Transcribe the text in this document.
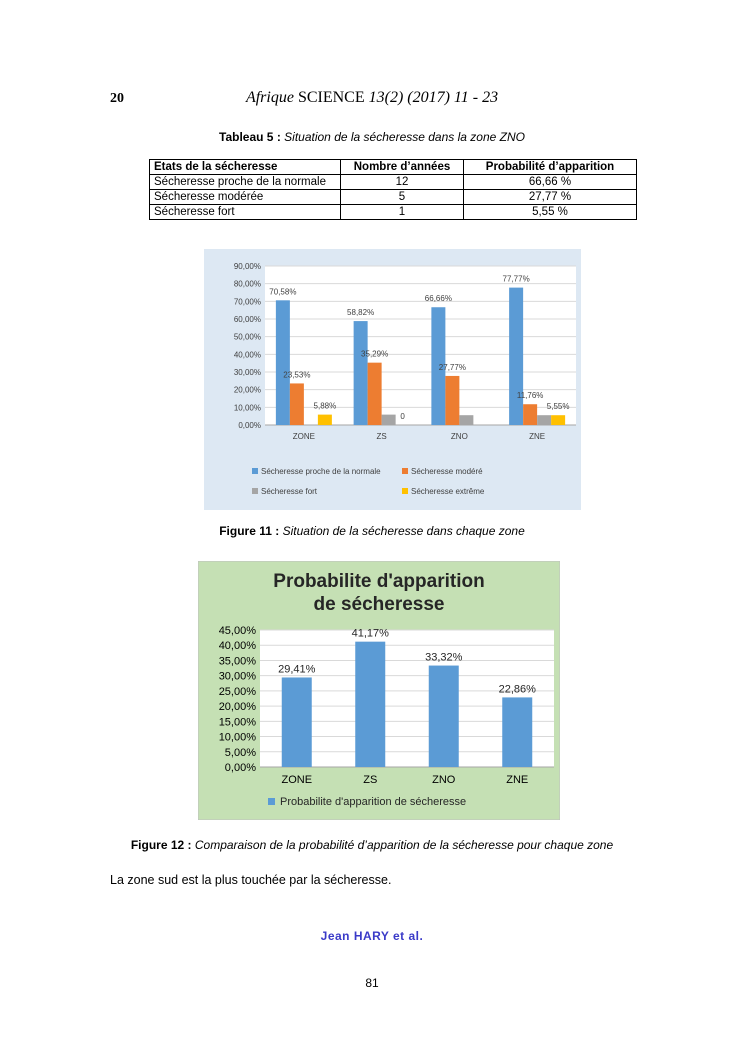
20	Afrique SCIENCE 13(2) (2017) 11 - 23
Tableau 5 : Situation de la sécheresse dans la zone ZNO
Etats de la sécheresse	Nombre d’années	Probabilité d’apparition
Sécheresse proche de la normale	12	66,66 %
Sécheresse modérée	5	27,77 %
Sécheresse fort	1	5,55 %
0,00%
10,00%
20,00%
30,00%
40,00%
50,00%
60,00%
70,00%
80,00%
90,00%
ZONE
70,58%
23,53%
5,88%
ZS
58,82%
35,29%
0
ZNO
66,66%
27,77%
ZNE
77,77%
11,76%
5,55%
Sécheresse proche de la normale	Sécheresse modéré
Sécheresse fort	Sécheresse extrême
Figure 11 : Situation de la sécheresse dans chaque zone
Probabilite d'apparition
de sécheresse
0,00%
5,00%
10,00%
15,00%
20,00%
25,00%
30,00%
35,00%
40,00%
45,00%
29,41%
ZONE
41,17%
ZS
33,32%
ZNO
22,86%
ZNE
Probabilite d'apparition de sécheresse
Figure 12 : Comparaison de la probabilité d’apparition de la sécheresse pour chaque zone
La zone sud est la plus touchée par la sécheresse.
Jean HARY et al.
81
